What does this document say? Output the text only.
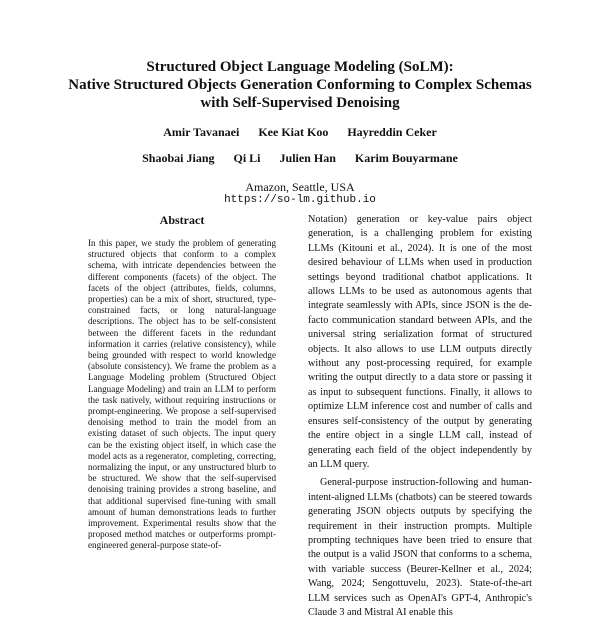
Structured Object Language Modeling (SoLM):
Native Structured Objects Generation Conforming to Complex Schemas
with Self-Supervised Denoising
Amir Tavanaei Kee Kiat Koo Hayreddin Ceker
Shaobai Jiang Qi Li Julien Han Karim Bouyarmane
Amazon, Seattle, USA
https://so-lm.github.io
Abstract

In this paper, we study the problem of generating structured objects that conform to a complex schema, with intricate dependencies between the different components (facets) of the object. The facets of the object (attributes, fields, columns, properties) can be a mix of short, structured, type-constrained facts, or long natural-language descriptions. The object has to be self-consistent between the different facets in the redundant information it carries (relative consistency), while being grounded with respect to world knowledge (absolute consistency). We frame the problem as a Language Modeling problem (Structured Object Language Modeling) and train an LLM to perform the task natively, without requiring instructions or prompt-engineering. We propose a self-supervised denoising method to train the model from an existing dataset of such objects. The input query can be the existing object itself, in which case the model acts as a regenerator, completing, correcting, normalizing the input, or any unstructured blurb to be structured. We show that the self-supervised denoising training provides a strong baseline, and that additional supervised fine-tuning with small amount of human demonstrations leads to further improvement. Experimental results show that the proposed method matches or outperforms prompt-engineered general-purpose state-of-

Notation) generation or key-value pairs object generation, is a challenging problem for existing LLMs (Kitouni et al., 2024). It is one of the most desired behaviour of LLMs when used in production settings beyond traditional chatbot applications. It allows LLMs to be used as autonomous agents that integrate seamlessly with APIs, since JSON is the de-facto communication standard between APIs, and the universal string serialization format of structured objects. It also allows to use LLM outputs directly without any post-processing required, for example writing the output directly to a data store or passing it as input to subsequent functions. Finally, it allows to optimize LLM inference cost and number of calls and ensures self-consistency of the output by generating the entire object in a single LLM call, instead of generating each field of the object independently by an LLM query.

General-purpose instruction-following and human-intent-aligned LLMs (chatbots) can be steered towards generating JSON objects outputs by specifying the requirement in their instruction prompts. Multiple prompting techniques have been tried to ensure that the output is a valid JSON that conforms to a schema, with variable success (Beurer-Kellner et al., 2024; Wang, 2024; Sengottuvelu, 2023). State-of-the-art LLM services such as OpenAI's GPT-4, Anthropic's Claude 3 and Mistral AI enable this
